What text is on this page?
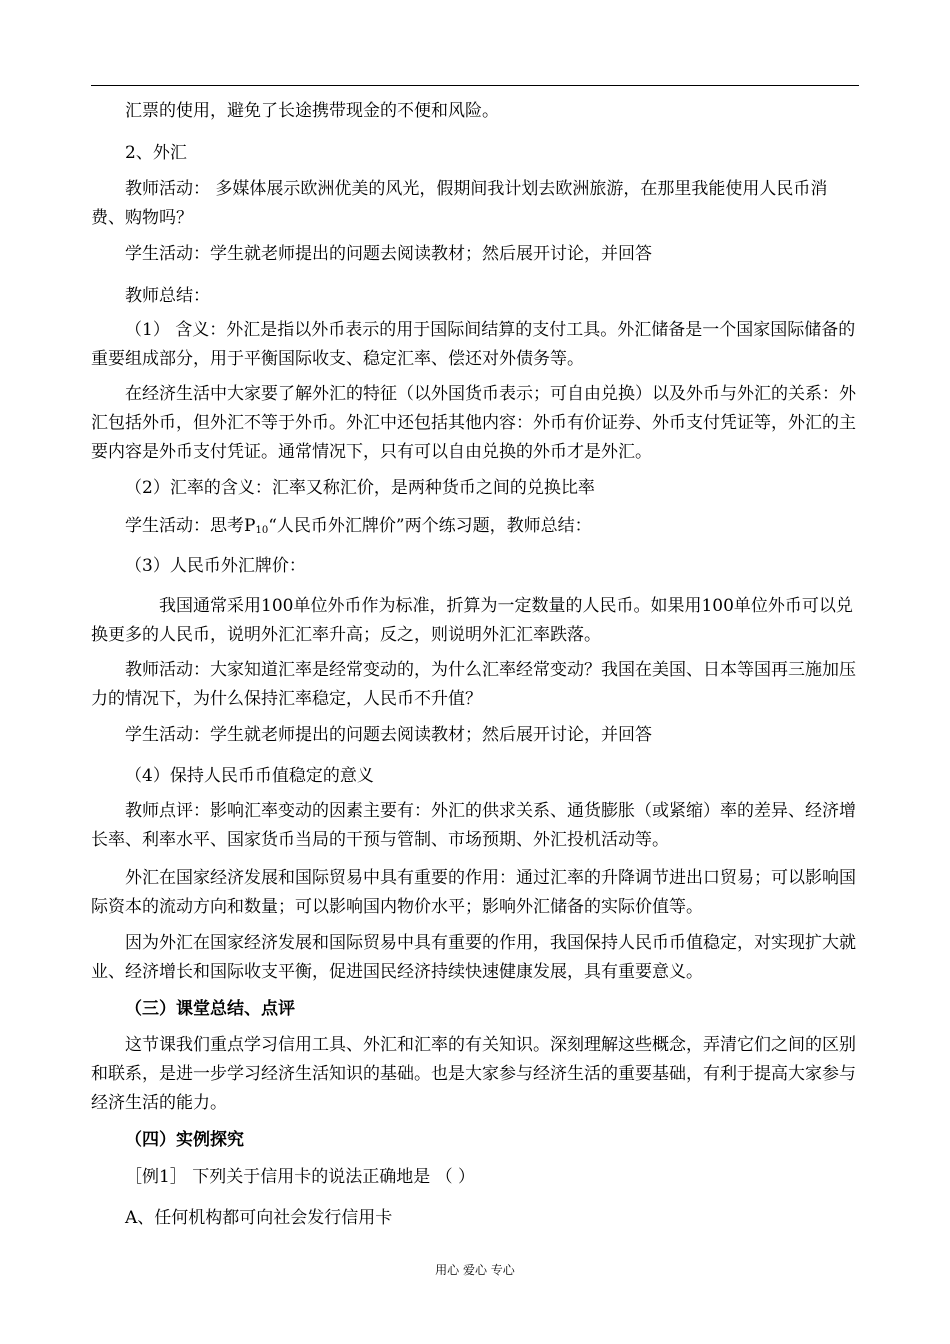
汇票的使用，避免了长途携带现金的不便和风险。

2、外汇

教师活动： 多媒体展示欧洲优美的风光，假期间我计划去欧洲旅游，在那里我能使用人民币消费、购物吗？

学生活动：学生就老师提出的问题去阅读教材；然后展开讨论，并回答

教师总结：

（1） 含义：外汇是指以外币表示的用于国际间结算的支付工具。外汇储备是一个国家国际储备的重要组成部分，用于平衡国际收支、稳定汇率、偿还对外债务等。

在经济生活中大家要了解外汇的特征（以外国货币表示；可自由兑换）以及外币与外汇的关系：外汇包括外币，但外汇不等于外币。外汇中还包括其他内容：外币有价证券、外币支付凭证等，外汇的主要内容是外币支付凭证。通常情况下，只有可以自由兑换的外币才是外汇。

（2）汇率的含义：汇率又称汇价，是两种货币之间的兑换比率

学生活动：思考$P_{10}“$人民币外汇牌价”两个练习题，教师总结：

（3）人民币外汇牌价：

我国通常采用100单位外币作为标准，折算为一定数量的人民币。如果用100单位外币可以兑换更多的人民币，说明外汇汇率升高；反之，则说明外汇汇率跌落。

教师活动：大家知道汇率是经常变动的，为什么汇率经常变动？我国在美国、日本等国再三施加压力的情况下，为什么保持汇率稳定，人民币不升值？

学生活动：学生就老师提出的问题去阅读教材；然后展开讨论，并回答

（4）保持人民币币值稳定的意义

教师点评：影响汇率变动的因素主要有：外汇的供求关系、通货膨胀（或紧缩）率的差异、经济增长率、利率水平、国家货币当局的干预与管制、市场预期、外汇投机活动等。

外汇在国家经济发展和国际贸易中具有重要的作用：通过汇率的升降调节进出口贸易；可以影响国际资本的流动方向和数量；可以影响国内物价水平；影响外汇储备的实际价值等。

因为外汇在国家经济发展和国际贸易中具有重要的作用，我国保持人民币币值稳定，对实现扩大就业、经济增长和国际收支平衡，促进国民经济持续快速健康发展，具有重要意义。

（三）课堂总结、点评

这节课我们重点学习信用工具、外汇和汇率的有关知识。深刻理解这些概念，弄清它们之间的区别和联系，是进一步学习经济生活知识的基础。也是大家参与经济生活的重要基础，有利于提高大家参与经济生活的能力。

（四）实例探究

［例1］ 下列关于信用卡的说法正确地是 （ ）

A、任何机构都可向社会发行信用卡

用心 爱心 专心
